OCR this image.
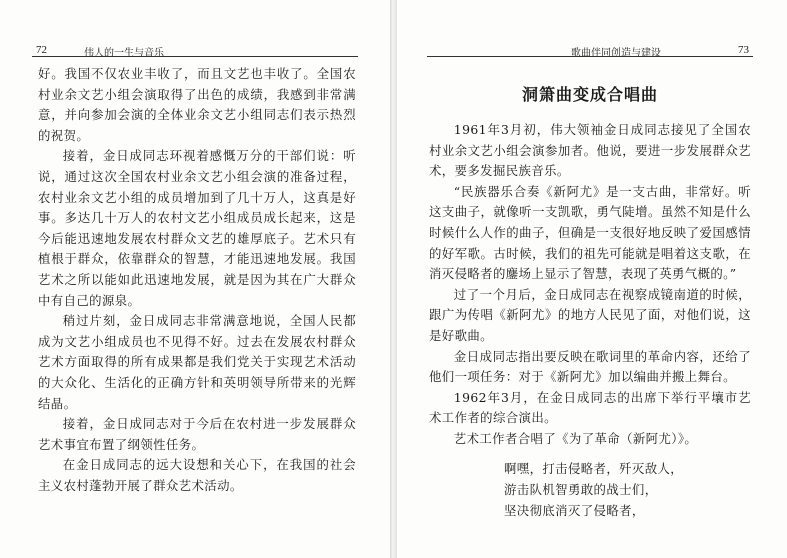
72	伟人的一生与音乐

好。我国不仅农业丰收了，而且文艺也丰收了。全国农村业余文艺小组会演取得了出色的成绩，我感到非常满意，并向参加会演的全体业余文艺小组同志们表示热烈的祝贺。

接着，金日成同志环视着感慨万分的干部们说：听说，通过这次全国农村业余文艺小组会演的准备过程，农村业余文艺小组的成员增加到了几十万人，这真是好事。多达几十万人的农村文艺小组成员成长起来，这是今后能迅速地发展农村群众文艺的雄厚底子。艺术只有植根于群众，依靠群众的智慧，才能迅速地发展。我国艺术之所以能如此迅速地发展，就是因为其在广大群众中有自己的源泉。

稍过片刻，金日成同志非常满意地说，全国人民都成为文艺小组成员也不见得不好。过去在发展农村群众艺术方面取得的所有成果都是我们党关于实现艺术活动的大众化、生活化的正确方针和英明领导所带来的光辉结晶。

接着，金日成同志对于今后在农村进一步发展群众艺术事宜布置了纲领性任务。

在金日成同志的远大设想和关心下，在我国的社会主义农村蓬勃开展了群众艺术活动。

歌曲伴同创造与建设	73
洞箫曲变成合唱曲

1961年3月初，伟大领袖金日成同志接见了全国农村业余文艺小组会演参加者。他说，要进一步发展群众艺术，要多发掘民族音乐。

“民族器乐合奏《新阿尤》是一支古曲，非常好。听这支曲子，就像听一支凯歌，勇气陡增。虽然不知是什么时候什么人作的曲子，但确是一支很好地反映了爱国感情的好军歌。古时候，我们的祖先可能就是唱着这支歌，在消灭侵略者的鏖场上显示了智慧，表现了英勇气概的。”

过了一个月后，金日成同志在视察成镜南道的时候，跟广为传唱《新阿尤》的地方人民见了面，对他们说，这是好歌曲。

金日成同志指出要反映在歌词里的革命内容，还给了他们一项任务：对于《新阿尤》加以编曲并搬上舞台。

1962年3月，在金日成同志的出席下举行平壤市艺术工作者的综合演出。

艺术工作者合唱了《为了革命（新阿尤）》。

啊嘿，打击侵略者，歼灭敌人，
游击队机智勇敢的战士们，
坚决彻底消灭了侵略者，
